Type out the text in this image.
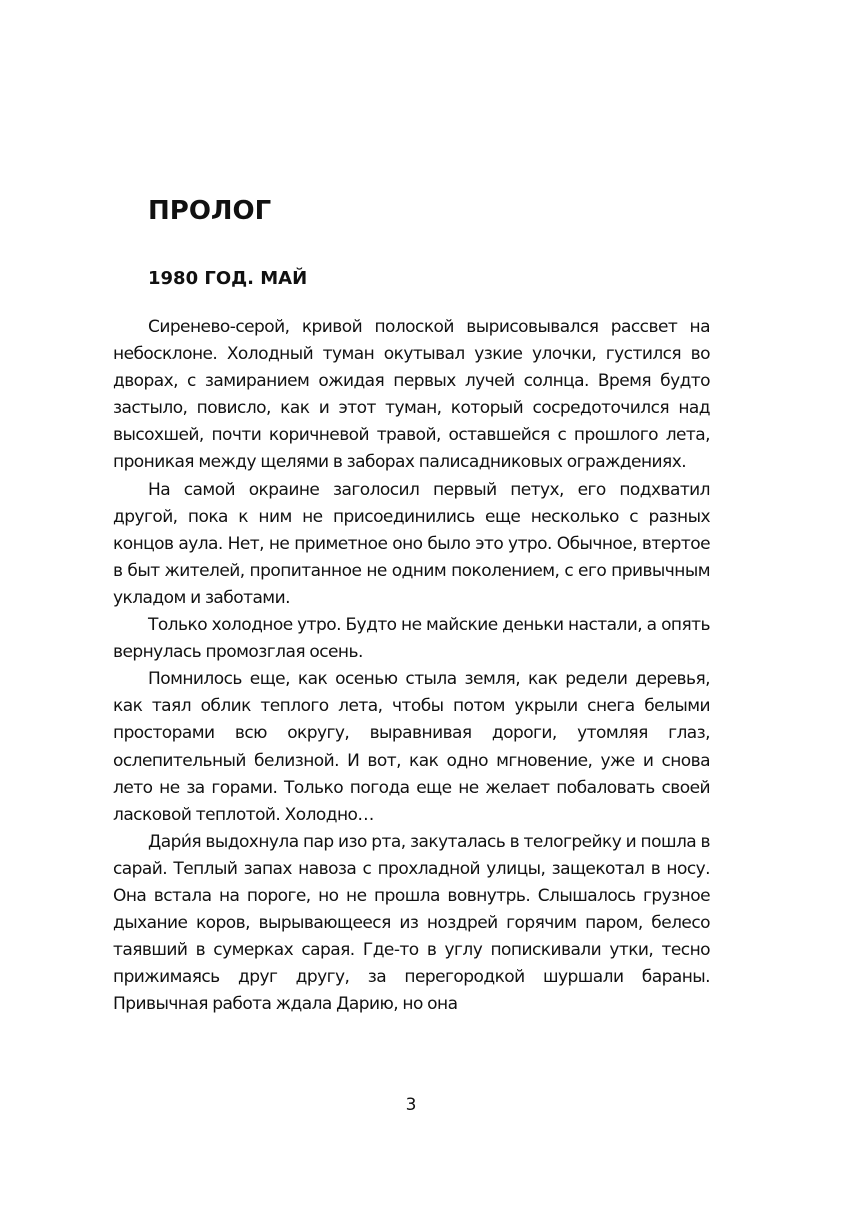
ПРОЛОГ
1980 ГОД. МАЙ

Сиренево-серой, кривой полоской вырисовывался рассвет на небосклоне. Холодный туман окутывал узкие улочки, густился во дворах, с замиранием ожидая первых лучей солнца. Время будто застыло, повисло, как и этот туман, который сосредоточился над высохшей, почти коричневой травой, оставшейся с прошлого лета, проникая между щелями в заборах палисадниковых ограждениях.

На самой окраине заголосил первый петух, его подхватил другой, пока к ним не присоединились еще несколько с разных концов аула. Нет, не приметное оно было это утро. Обычное, втертое в быт жителей, пропитанное не одним поколением, с его привычным укладом и заботами.

Только холодное утро. Будто не майские деньки настали, а опять вернулась промозглая осень.

Помнилось еще, как осенью стыла земля, как редели деревья, как таял облик теплого лета, чтобы потом укрыли снега белыми просторами всю округу, выравнивая дороги, утомляя глаз, ослепительный белизной. И вот, как одно мгновение, уже и снова лето не за горами. Только погода еще не желает побаловать своей ласковой теплотой. Холодно…

Дари́я выдохнула пар изо рта, закуталась в телогрейку и пошла в сарай. Теплый запах навоза с прохладной улицы, защекотал в носу. Она встала на пороге, но не прошла вовнутрь. Слышалось грузное дыхание коров, вырывающееся из ноздрей горячим паром, белесо таявший в сумерках сарая. Где-то в углу попискивали утки, тесно прижимаясь друг другу, за перегородкой шуршали бараны. Привычная работа ждала Дарию, но она

3
